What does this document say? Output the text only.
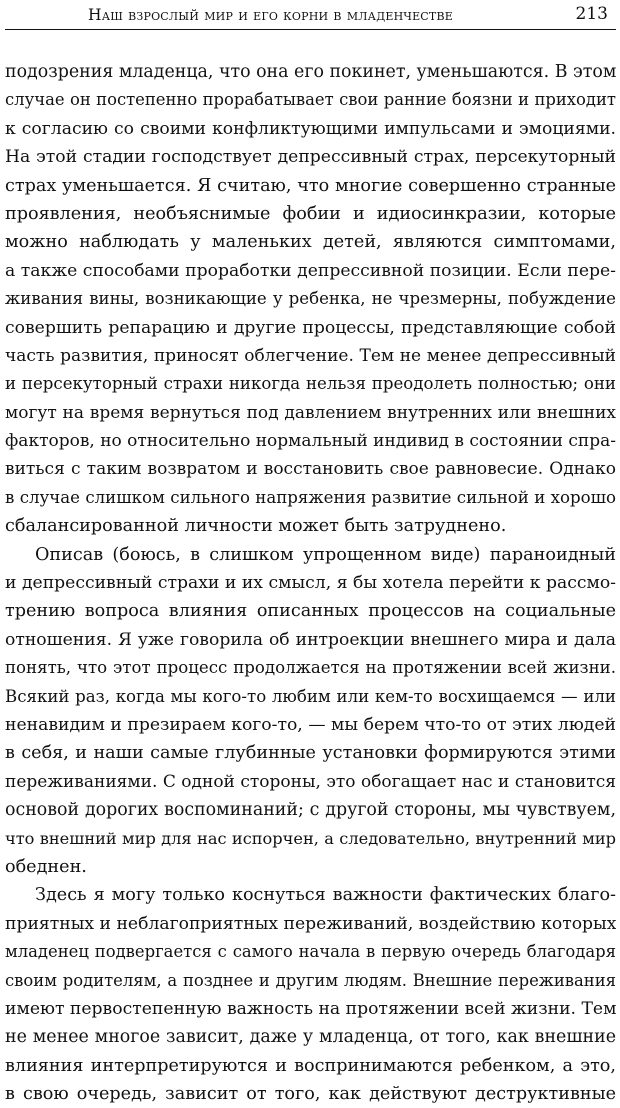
Наш взрослый мир и его корни в младенчестве	213

подозрения младенца, что она его покинет, уменьшаются. В этом
случае он постепенно прорабатывает свои ранние боязни и приходит
к согласию со своими конфликтующими импульсами и эмоциями.
На этой стадии господствует депрессивный страх, персекуторный
страх уменьшается. Я считаю, что многие совершенно странные
проявления, необъяснимые фобии и идиосинкразии, которые
можно наблюдать у маленьких детей, являются симптомами,
а также способами проработки депрессивной позиции. Если пере-
живания вины, возникающие у ребенка, не чрезмерны, побуждение
совершить репарацию и другие процессы, представляющие собой
часть развития, приносят облегчение. Тем не менее депрессивный
и персекуторный страхи никогда нельзя преодолеть полностью; они
могут на время вернуться под давлением внутренних или внешних
факторов, но относительно нормальный индивид в состоянии спра-
виться с таким возвратом и восстановить свое равновесие. Однако
в случае слишком сильного напряжения развитие сильной и хорошо
сбалансированной личности может быть затруднено.

Описав (боюсь, в слишком упрощенном виде) параноидный
и депрессивный страхи и их смысл, я бы хотела перейти к рассмо-
трению вопроса влияния описанных процессов на социальные
отношения. Я уже говорила об интроекции внешнего мира и дала
понять, что этот процесс продолжается на протяжении всей жизни.
Всякий раз, когда мы кого-то любим или кем-то восхищаемся — или
ненавидим и презираем кого-то, — мы берем что-то от этих людей
в себя, и наши самые глубинные установки формируются этими
переживаниями. С одной стороны, это обогащает нас и становится
основой дорогих воспоминаний; с другой стороны, мы чувствуем,
что внешний мир для нас испорчен, а следовательно, внутренний мир
обеднен.

Здесь я могу только коснуться важности фактических благо-
приятных и неблагоприятных переживаний, воздействию которых
младенец подвергается с самого начала в первую очередь благодаря
своим родителям, а позднее и другим людям. Внешние переживания
имеют первостепенную важность на протяжении всей жизни. Тем
не менее многое зависит, даже у младенца, от того, как внешние
влияния интерпретируются и воспринимаются ребенком, а это,
в свою очередь, зависит от того, как действуют деструктивные
